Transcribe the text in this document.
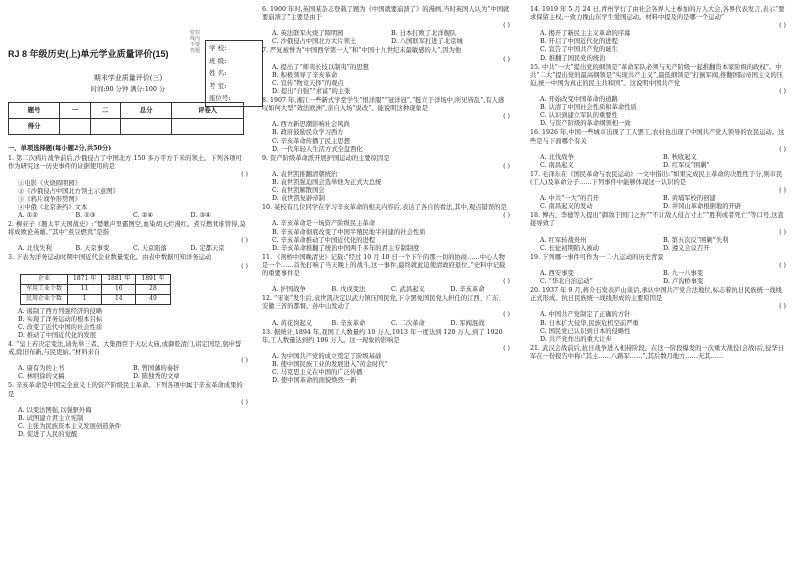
密封线内不要答题	学 校:
班 级:
姓 名:
考 室:
座位号:
RJ 8 年级历史(上)单元学业质量评价(15)
期末学业质量评价(三)
时间:90 分钟 满分:100 分
题号	一	二	总分	评卷人
得分				
一、单项选择题(每小题2分,共50分)
1. 第二次鸦片战争前后,沙俄侵占了中国北方 150 多万平方千米的领土。下列各项可作为研究这一历史事件的证据使用的是
( )
①电影《火烧圆明园》
②《沙俄侵占中国北方领土示意图》
③《鸦片战争形势图》
④中俄《北京条约》文本
A. ①②	B. ①③	C. ②④	D. ③④
2. 柳亚子《题太平天国战史》:“楚歌声里霸图空,血染胡天烂漫红。煮豆燃萁谁管得,莫将成败论英雄。”其中“煮豆燃萁”是指
( )
A. 北伐失利	B. 天京事变	C. 天京陷落	D. 定都天京
3. 下表为洋务运动时期中国近代企业数量变化。由表中数据可知洋务运动
( )
企业	1871 年	1881 年	1891 年
军用工业个数	11	16	28
民用企业个数	1	14	49
A. 遏制了西方列强经济的侵略
B. 实现了洋务运动的根本目标
C. 改变了近代中国的社会性质
D. 推动了中国近代化的发展
4. “皇上若决定变法,请先举三者。大集群臣于天坛太庙,或御乾清门,诏定国是,躬申誓戒,除旧布新,与民更始。”材料来自
( )
A. 康有为的上书	B. 曾国藩的奏折
C. 林则徐的文稿	D. 陈独秀的文章
5. 辛亥革命是中国完全意义上的资产阶级民主革命。下列各项中属于辛亥革命成果的是
( )
A. 以变法图强,以强驱外侮
B. 试图建立君主立宪制
C. 主张为民族资本主义发展创造条件
D. 促进了人民的觉醒
6. 1900 年时,英国某杂志登载了题为《中国就要崩溃了》的漫画,当时英国人认为“中国就要崩溃了”主要是由于
( )
A. 英法联军火烧了圆明园	B. 日本打败了北洋舰队
C. 沙俄侵占中国北方大片领土	D. 八国联军打进了北京城
7. 严复被誉为“中国西学第一人”和“中国十九世纪末最敏感的人”,因为他
( )
A. 提出了“师夷长技以制夷”的思想
B. 积极领导了辛亥革命
C. 宣传“物竞天择”的观点
D. 提出“自强”“求富”的主张
8. 1907 年,湘江一些新式学堂学生“恨洋服”“冠洋冠”,“挺立于洋场中,所见皆乱”,有人感叹如何大型“效法欧洲”,亲自入场“说改”。能说明这种现象是
( )
A. 西方新思潮影响社会风尚
B. 政府鼓励民众学习西方
C. 辛亥革命传播了民主思想
D. 一代年轻人生活方式全盘西化
9. 资产阶级革命派开展护国运动的主要原因是
( )
A. 袁世凯推翻清朝统治
B. 袁世凯强迫国会选举他为正式大总统
C. 袁世凯解散国会
D. 袁世凯复辟帝制
10. 某校有几位同学在学习辛亥革命的相关内容后,表达了各自的看法,其中,观点错误的是
( )
A. 辛亥革命是一场资产阶级民主革命
B. 辛亥革命彻底改变了中国半殖民地半封建的社会性质
C. 辛亥革命推动了中国近代化的进程
D. 辛亥革命推翻了统治中国两千多年的君主专制制度
11. 《剑桥中国晚清史》记载:“经过 10 月 10 日一个下午的那一切的协商……中心人物是一个……首先打响了当天晚上的战斗,这一事件,最终就此迫使清政府退位。”史料中记载的重要事件是
( )
A. 护国战争	B. 戊戌变法	C. 武昌起义	D. 辛亥革命
12. “宋案”发生后,袁世凯决定以武力镇压国民党,下令罢免国民党人担任的江西、广东、安徽三省的都督。孙中山发动了
( )
A. 黄花岗起义	B. 辛亥革命	C. 二次革命	D. 军阀混战
13. 据统计,1894 年,我国工人数量约 10 万人,1913 年一度达到 120 万人,到了 1920 年,工人数量达到约 196 万人。这一现象的影响是
( )
A. 为中国共产党的成立奠定了阶级基础
B. 使中国民族工业的发展进入“黄金时代”
C. 马克思主义在中国的广泛传播
D. 使中国革命的面貌焕然一新
14. 1919 年 5 月 24 日,青州学行了由社会各界人士参加的万人大会,各界代表发言,表示“要求保留主权,一致力挽山东学生爱国运动。材料中提及的是哪一个运动”
( )
A. 揭开了新民主主义革命的序幕
B. 开启了中国近代化的进程
C. 宣告了中国共产党的诞生
D. 推翻了国民党的统治
15. 中共“一大”提出党的纲领是“革命军队必须与无产阶级一起推翻资本家阶级的政权”。中共“二大”提出党的最高纲领是“实现共产主义”,最低纲领是“打倒军阀,推翻国际帝国主义的压迫,统一中国为真正的民主共和国”。这说明中国共产党
( )
A. 开始改变中国革命的道路
B. 认清了中国社会性质和革命性质
C. 认识到建立军队的重要性
D. 与资产阶级的革命纲领相一致
16. 1926 年,中国一些城市出现了工人罢工,农村也出现了中国共产党人领导的农民运动。这些是与下面哪个有关
( )
A. 北伐战争	B. 秋收起义
C. 南昌起义	D. 红军反“围剿”
17. 毛泽东在《国民革命与农民运动》一文中指出:“如果完成民主革命的决胜性于分,则市民(工人)及革命分子……下列事件中能够体现这一认识的是
( )
A. 中共“一大”的召开	B. 黄埔军校的创建
C. 南昌起义的发动	D. 井冈山革命根据地的开辟
18. 博古、李德等人提出“御敌于国门之外”“不让敌人侵占寸土”“胜利或者死亡”等口号,这直接导致了
( )
A. 红军转战贵州	B. 第五次反“围剿”失利
C. 长征初期陷入被动	D. 遵义会议召开
19. 下列哪一事件可作为一二·九运动的历史背景
( )
A. 西安事变	B. 九一八事变
C. “华北自治运动”	D. 卢沟桥事变
20. 1937 年 9 月,蒋介石发表庐山谈话,承认中国共产党合法地位,标志着抗日民族统一战线正式形成。抗日民族统一战线形成的主要原因是
( )
A. 中国共产党制定了正确的方针
B. 日本扩大侵华,民族危机空前严重
C. 国民党已认识到日本的侵略性
D. 共产党作出的重大让步
21. 武汉会战前后,抗日战争进入相持阶段。在这一阶段爆发的一次重大战役(会战)后,侵华日军在一份报告中称:“其主……八路军……”,其后数月地方……无其……
